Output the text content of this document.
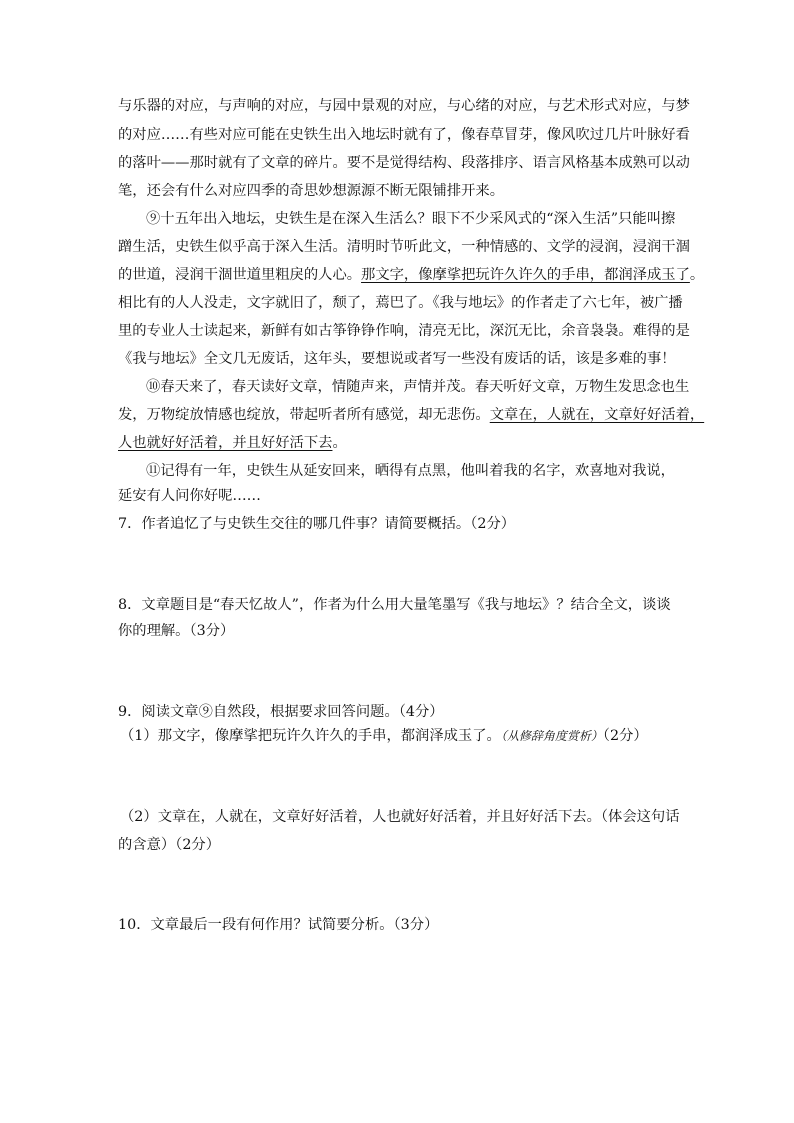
与乐器的对应，与声响的对应，与园中景观的对应，与心绪的对应，与艺术形式对应，与梦
的对应……有些对应可能在史铁生出入地坛时就有了，像春草冒芽，像风吹过几片叶脉好看
的落叶——那时就有了文章的碎片。要不是觉得结构、段落排序、语言风格基本成熟可以动
笔，还会有什么对应四季的奇思妙想源源不断无限铺排开来。
⑨十五年出入地坛，史铁生是在深入生活么？眼下不少采风式的“深入生活”只能叫擦
蹭生活，史铁生似乎高于深入生活。清明时节听此文，一种情感的、文学的浸润，浸润干涸
的世道，浸润干涸世道里粗戾的人心。那文字，像摩挲把玩许久许久的手串，都润泽成玉了。
相比有的人人没走，文字就旧了，颓了，蔫巴了。《我与地坛》的作者走了六七年，被广播
里的专业人士读起来，新鲜有如古筝铮铮作响，清亮无比，深沉无比，余音袅袅。难得的是
《我与地坛》全文几无废话，这年头，要想说或者写一些没有废话的话，该是多难的事！
⑩春天来了，春天读好文章，情随声来，声情并茂。春天听好文章，万物生发思念也生
发，万物绽放情感也绽放，带起听者所有感觉，却无悲伤。文章在，人就在，文章好好活着，
人也就好好活着，并且好好活下去。
⑪记得有一年，史铁生从延安回来，晒得有点黑，他叫着我的名字，欢喜地对我说，
延安有人问你好呢……
7．作者追忆了与史铁生交往的哪几件事？请简要概括。（2分）
8．文章题目是“春天忆故人”，作者为什么用大量笔墨写《我与地坛》？结合全文，谈谈
你的理解。（3分）
9．阅读文章⑨自然段，根据要求回答问题。（4分）
（1）那文字，像摩挲把玩许久许久的手串，都润泽成玉了。（从修辞角度赏析）（2分）
（2）文章在，人就在，文章好好活着，人也就好好活着，并且好好活下去。（体会这句话
的含意）（2分）
10．文章最后一段有何作用？试简要分析。（3分）
